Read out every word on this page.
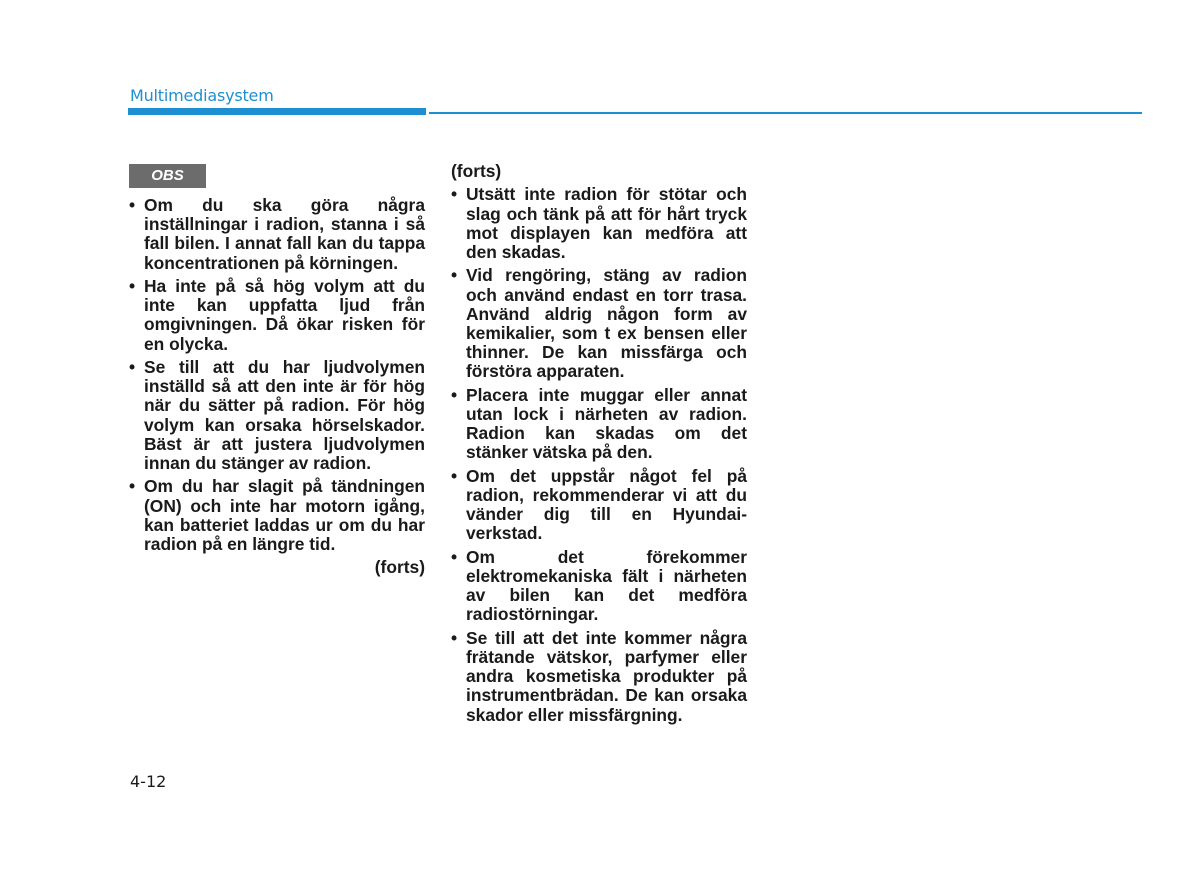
Multimediasystem
OBS
• Om du ska göra några inställningar i radion, stanna i så fall bilen. I annat fall kan du tappa koncentrationen på körningen.
• Ha inte på så hög volym att du inte kan uppfatta ljud från omgivningen. Då ökar risken för en olycka.
• Se till att du har ljudvolymen inställd så att den inte är för hög när du sätter på radion. För hög volym kan orsaka hörselskador. Bäst är att justera ljudvolymen innan du stänger av radion.
• Om du har slagit på tändningen (ON) och inte har motorn igång, kan batteriet laddas ur om du har radion på en längre tid.
(forts)
(forts)
• Utsätt inte radion för stötar och slag och tänk på att för hårt tryck mot displayen kan medföra att den skadas.
• Vid rengöring, stäng av radion och använd endast en torr trasa. Använd aldrig någon form av kemikalier, som t ex bensen eller thinner. De kan missfärga och förstöra apparaten.
• Placera inte muggar eller annat utan lock i närheten av radion. Radion kan skadas om det stänker vätska på den.
• Om det uppstår något fel på radion, rekommenderar vi att du vänder dig till en Hyundai-verkstad.
• Om det förekommer elektromekaniska fält i närheten av bilen kan det medföra radiostörningar.
• Se till att det inte kommer några frätande vätskor, parfymer eller andra kosmetiska produkter på instrumentbrädan. De kan orsaka skador eller missfärgning.
4-12
